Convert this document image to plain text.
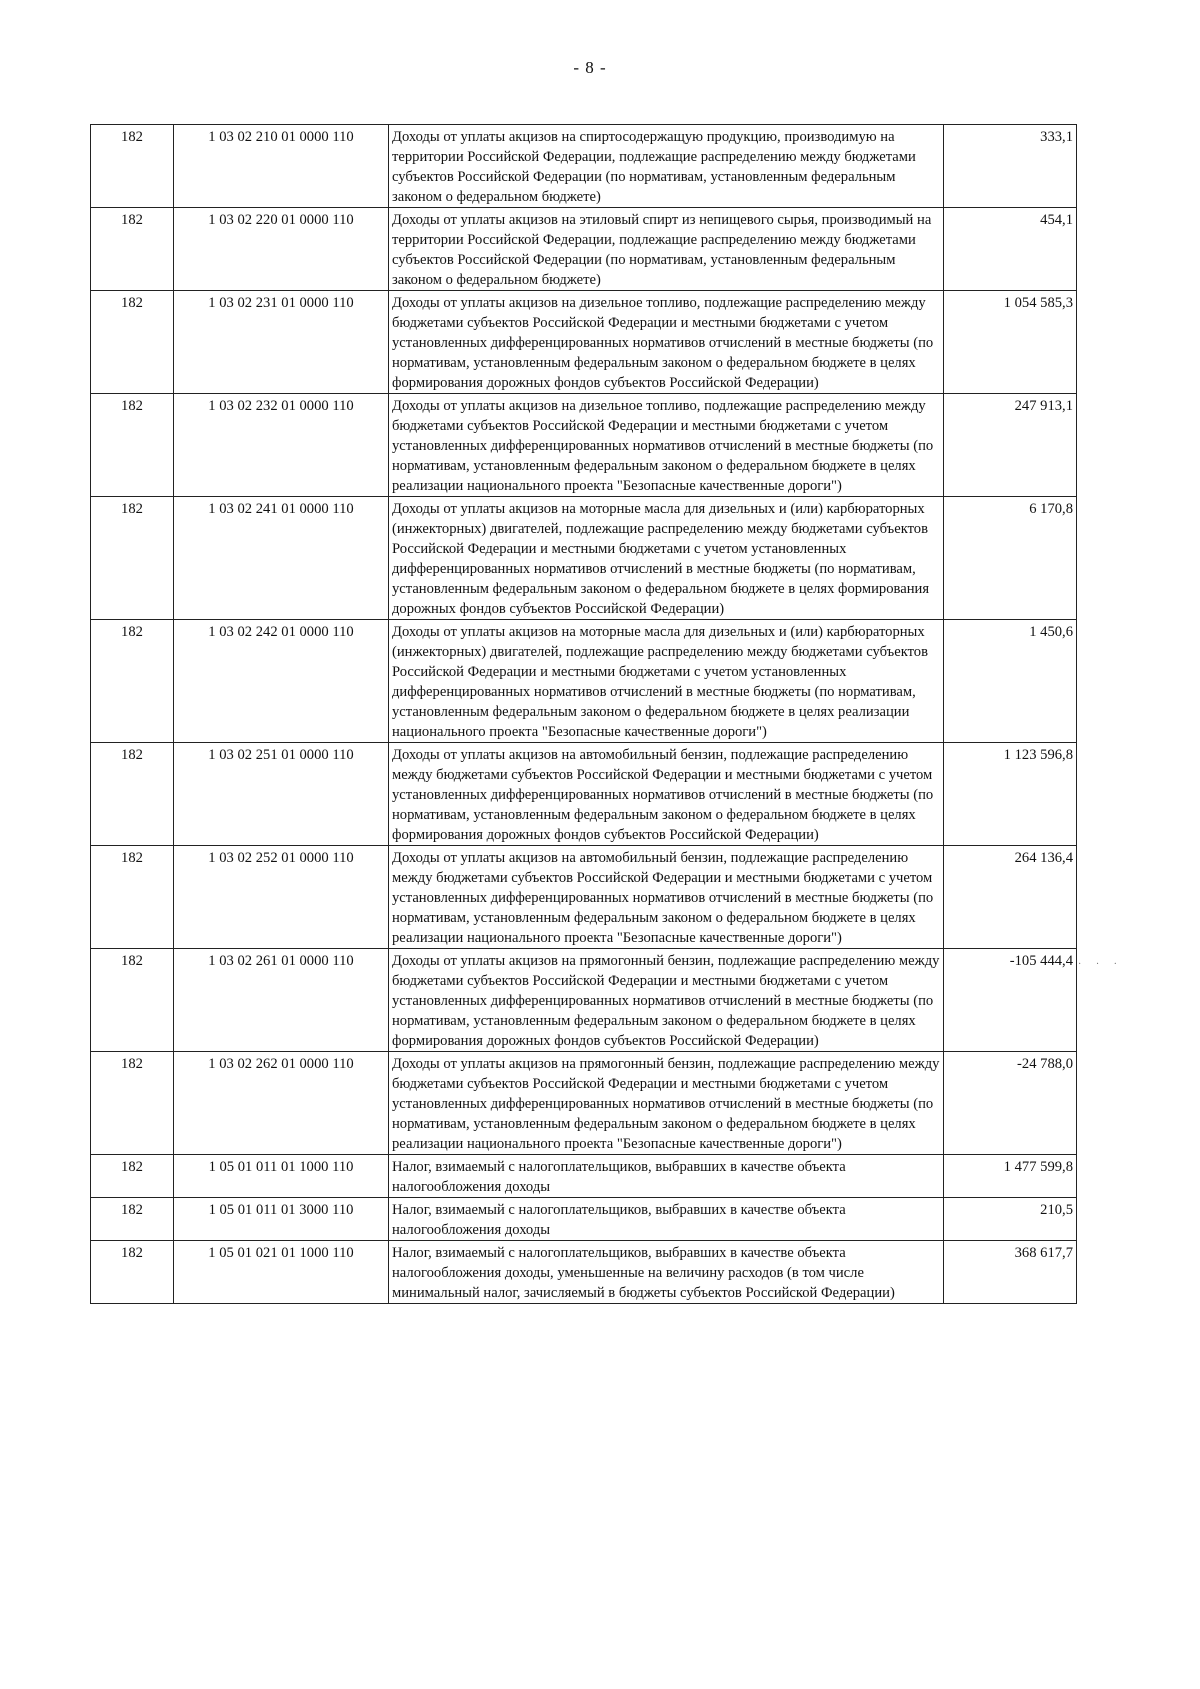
- 8 -
182	1 03 02 210 01 0000 110	Доходы от уплаты акцизов на спиртосодержащую продукцию, производимую на территории Российской Федерации, подлежащие распределению между бюджетами субъектов Российской Федерации (по нормативам, установленным федеральным законом о федеральном бюджете)	333,1
182	1 03 02 220 01 0000 110	Доходы от уплаты акцизов на этиловый спирт из непищевого сырья, производимый на территории Российской Федерации, подлежащие распределению между бюджетами субъектов Российской Федерации (по нормативам, установленным федеральным законом о федеральном бюджете)	454,1
182	1 03 02 231 01 0000 110	Доходы от уплаты акцизов на дизельное топливо, подлежащие распределению между бюджетами субъектов Российской Федерации и местными бюджетами с учетом установленных дифференцированных нормативов отчислений в местные бюджеты (по нормативам, установленным федеральным законом о федеральном бюджете в целях формирования дорожных фондов субъектов Российской Федерации)	1 054 585,3
182	1 03 02 232 01 0000 110	Доходы от уплаты акцизов на дизельное топливо, подлежащие распределению между бюджетами субъектов Российской Федерации и местными бюджетами с учетом установленных дифференцированных нормативов отчислений в местные бюджеты (по нормативам, установленным федеральным законом о федеральном бюджете в целях реализации национального проекта "Безопасные качественные дороги")	247 913,1
182	1 03 02 241 01 0000 110	Доходы от уплаты акцизов на моторные масла для дизельных и (или) карбюраторных (инжекторных) двигателей, подлежащие распределению между бюджетами субъектов Российской Федерации и местными бюджетами с учетом установленных дифференцированных нормативов отчислений в местные бюджеты (по нормативам, установленным федеральным законом о федеральном бюджете в целях формирования дорожных фондов субъектов Российской Федерации)	6 170,8
182	1 03 02 242 01 0000 110	Доходы от уплаты акцизов на моторные масла для дизельных и (или) карбюраторных (инжекторных) двигателей, подлежащие распределению между бюджетами субъектов Российской Федерации и местными бюджетами с учетом установленных дифференцированных нормативов отчислений в местные бюджеты (по нормативам, установленным федеральным законом о федеральном бюджете в целях реализации национального проекта "Безопасные качественные дороги")	1 450,6
182	1 03 02 251 01 0000 110	Доходы от уплаты акцизов на автомобильный бензин, подлежащие распределению между бюджетами субъектов Российской Федерации и местными бюджетами с учетом установленных дифференцированных нормативов отчислений в местные бюджеты (по нормативам, установленным федеральным законом о федеральном бюджете в целях формирования дорожных фондов субъектов Российской Федерации)	1 123 596,8
182	1 03 02 252 01 0000 110	Доходы от уплаты акцизов на автомобильный бензин, подлежащие распределению между бюджетами субъектов Российской Федерации и местными бюджетами с учетом установленных дифференцированных нормативов отчислений в местные бюджеты (по нормативам, установленным федеральным законом о федеральном бюджете в целях реализации национального проекта "Безопасные качественные дороги")	264 136,4
182	1 03 02 261 01 0000 110	Доходы от уплаты акцизов на прямогонный бензин, подлежащие распределению между бюджетами субъектов Российской Федерации и местными бюджетами с учетом установленных дифференцированных нормативов отчислений в местные бюджеты (по нормативам, установленным федеральным законом о федеральном бюджете в целях формирования дорожных фондов субъектов Российской Федерации)	-105 444,4
182	1 03 02 262 01 0000 110	Доходы от уплаты акцизов на прямогонный бензин, подлежащие распределению между бюджетами субъектов Российской Федерации и местными бюджетами с учетом установленных дифференцированных нормативов отчислений в местные бюджеты (по нормативам, установленным федеральным законом о федеральном бюджете в целях реализации национального проекта "Безопасные качественные дороги")	-24 788,0
182	1 05 01 011 01 1000 110	Налог, взимаемый с налогоплательщиков, выбравших в качестве объекта налогообложения доходы	1 477 599,8
182	1 05 01 011 01 3000 110	Налог, взимаемый с налогоплательщиков, выбравших в качестве объекта налогообложения доходы	210,5
182	1 05 01 021 01 1000 110	Налог, взимаемый с налогоплательщиков, выбравших в качестве объекта налогообложения доходы, уменьшенные на величину расходов (в том числе минимальный налог, зачисляемый в бюджеты субъектов Российской Федерации)	368 617,7
· · ·
